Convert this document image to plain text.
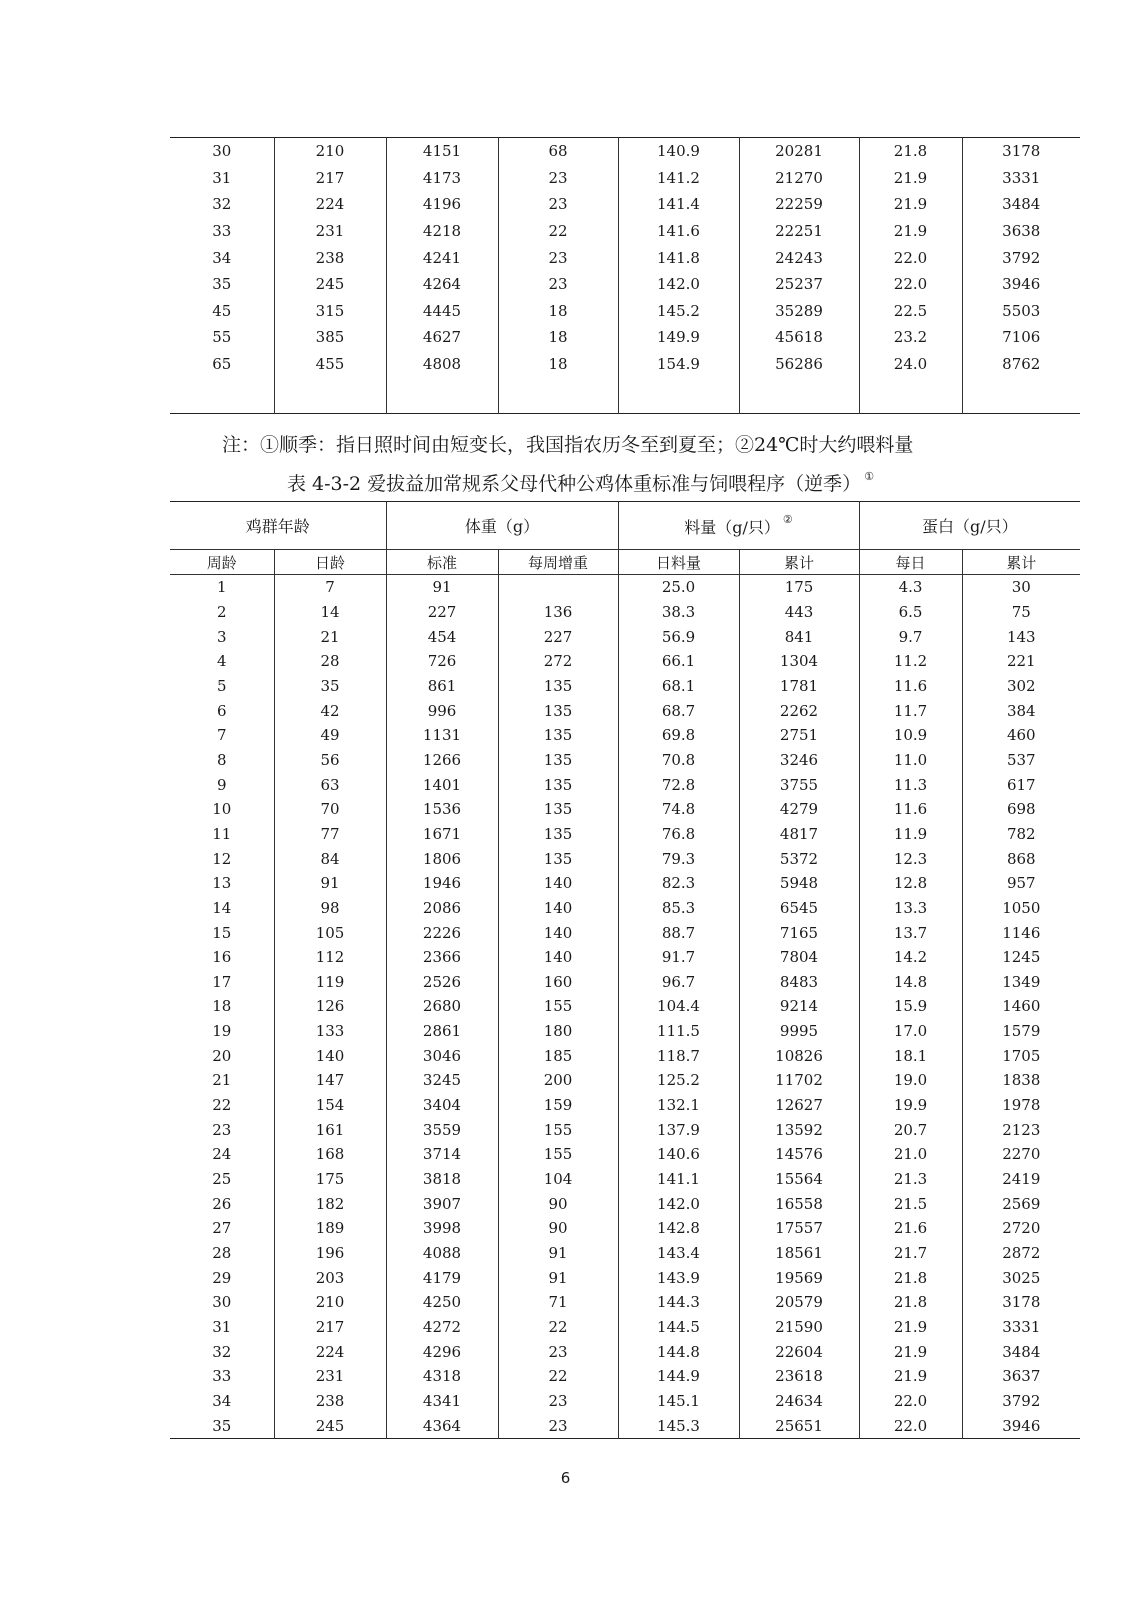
30	210	4151	68	140.9	20281	21.8	3178
31	217	4173	23	141.2	21270	21.9	3331
32	224	4196	23	141.4	22259	21.9	3484
33	231	4218	22	141.6	22251	21.9	3638
34	238	4241	23	141.8	24243	22.0	3792
35	245	4264	23	142.0	25237	22.0	3946
45	315	4445	18	145.2	35289	22.5	5503
55	385	4627	18	149.9	45618	23.2	7106
65	455	4808	18	154.9	56286	24.0	8762

注：①顺季：指日照时间由短变长，我国指农历冬至到夏至；②24℃时大约喂料量
表 4-3-2 爱拔益加常规系父母代种公鸡体重标准与饲喂程序（逆季） ①
鸡群年龄		体重（g）		料量（g/只） ②		蛋白（g/只）	
周龄	日龄	标准	每周增重	日料量	累计	每日	累计
1	7	91		25.0	175	4.3	30
2	14	227	136	38.3	443	6.5	75
3	21	454	227	56.9	841	9.7	143
4	28	726	272	66.1	1304	11.2	221
5	35	861	135	68.1	1781	11.6	302
6	42	996	135	68.7	2262	11.7	384
7	49	1131	135	69.8	2751	10.9	460
8	56	1266	135	70.8	3246	11.0	537
9	63	1401	135	72.8	3755	11.3	617
10	70	1536	135	74.8	4279	11.6	698
11	77	1671	135	76.8	4817	11.9	782
12	84	1806	135	79.3	5372	12.3	868
13	91	1946	140	82.3	5948	12.8	957
14	98	2086	140	85.3	6545	13.3	1050
15	105	2226	140	88.7	7165	13.7	1146
16	112	2366	140	91.7	7804	14.2	1245
17	119	2526	160	96.7	8483	14.8	1349
18	126	2680	155	104.4	9214	15.9	1460
19	133	2861	180	111.5	9995	17.0	1579
20	140	3046	185	118.7	10826	18.1	1705
21	147	3245	200	125.2	11702	19.0	1838
22	154	3404	159	132.1	12627	19.9	1978
23	161	3559	155	137.9	13592	20.7	2123
24	168	3714	155	140.6	14576	21.0	2270
25	175	3818	104	141.1	15564	21.3	2419
26	182	3907	90	142.0	16558	21.5	2569
27	189	3998	90	142.8	17557	21.6	2720
28	196	4088	91	143.4	18561	21.7	2872
29	203	4179	91	143.9	19569	21.8	3025
30	210	4250	71	144.3	20579	21.8	3178
31	217	4272	22	144.5	21590	21.9	3331
32	224	4296	23	144.8	22604	21.9	3484
33	231	4318	22	144.9	23618	21.9	3637
34	238	4341	23	145.1	24634	22.0	3792
35	245	4364	23	145.3	25651	22.0	3946
6
